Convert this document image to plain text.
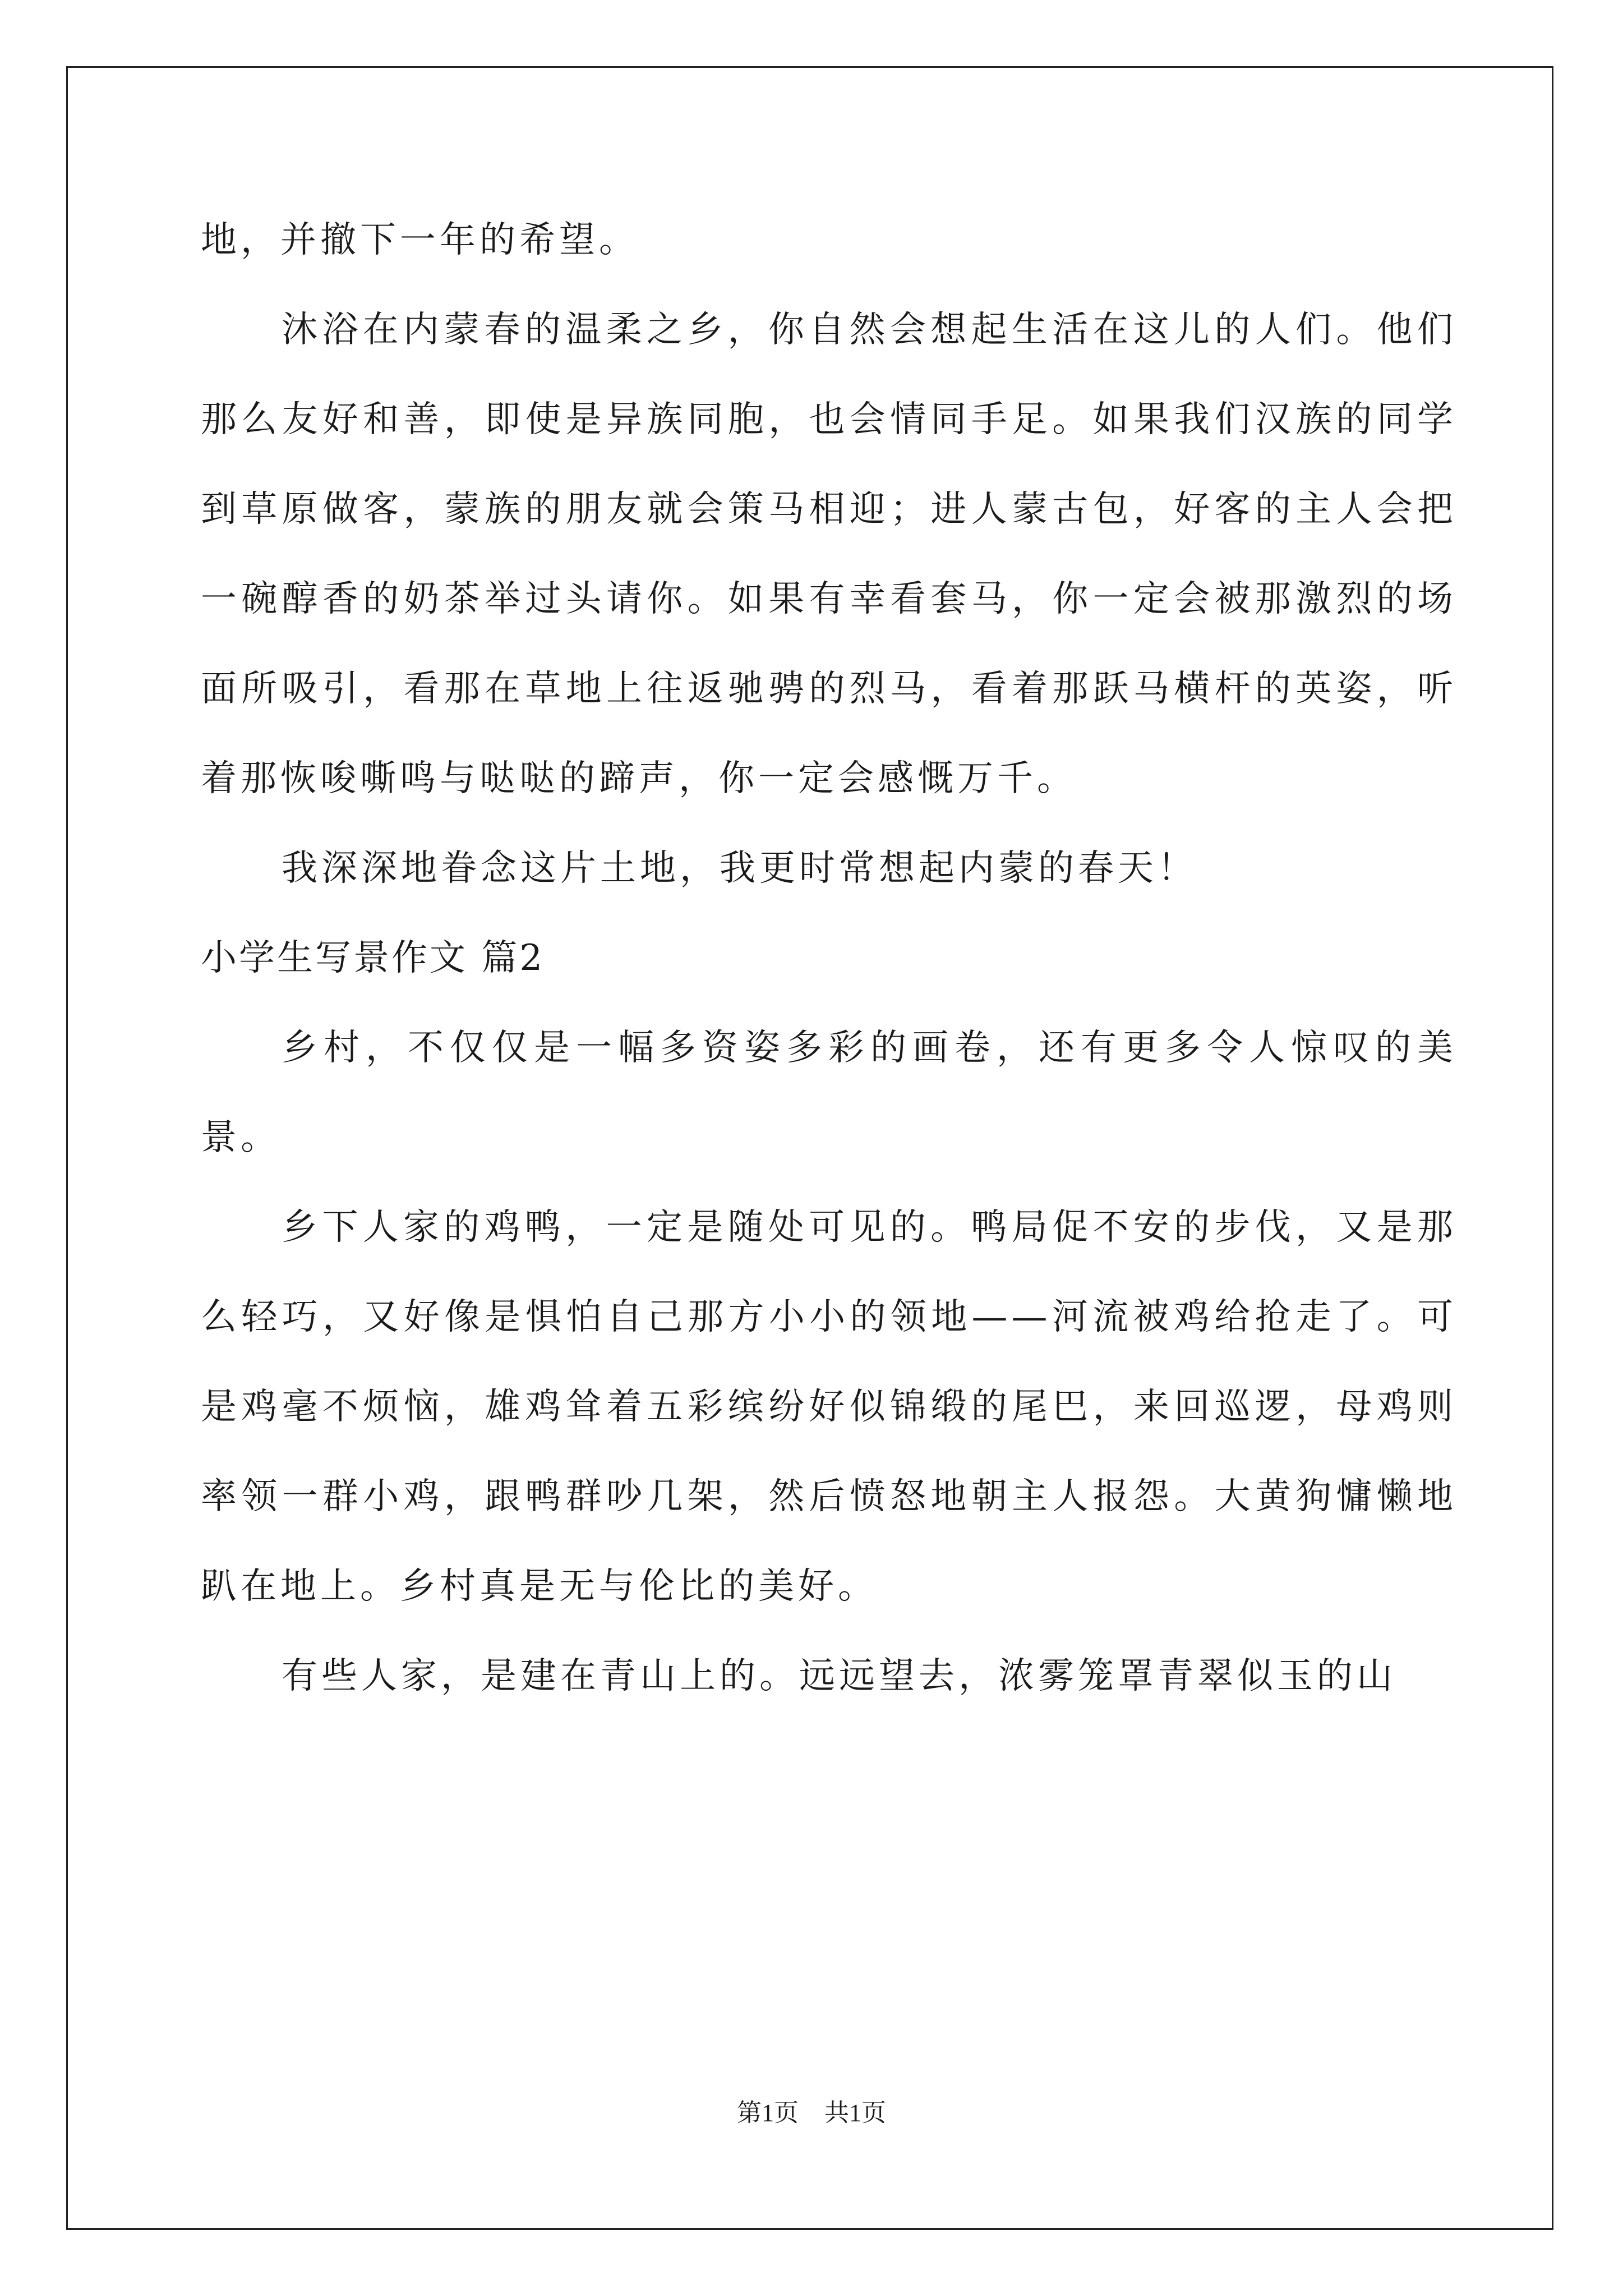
地，并撤下一年的希望。

沐浴在内蒙春的温柔之乡，你自然会想起生活在这儿的人们。他们那么友好和善，即使是异族同胞，也会情同手足。如果我们汉族的同学到草原做客，蒙族的朋友就会策马相迎；进人蒙古包，好客的主人会把一碗醇香的奶茶举过头请你。如果有幸看套马，你一定会被那激烈的场面所吸引，看那在草地上往返驰骋的烈马，看着那跃马横杆的英姿，听着那恢唆嘶鸣与哒哒的蹄声，你一定会感慨万千。

我深深地眷念这片土地，我更时常想起内蒙的春天！

小学生写景作文 篇2

乡村，不仅仅是一幅多资姿多彩的画卷，还有更多令人惊叹的美景。

乡下人家的鸡鸭，一定是随处可见的。鸭局促不安的步伐，又是那么轻巧，又好像是惧怕自己那方小小的领地——河流被鸡给抢走了。可是鸡毫不烦恼，雄鸡耸着五彩缤纷好似锦缎的尾巴，来回巡逻，母鸡则率领一群小鸡，跟鸭群吵几架，然后愤怒地朝主人报怨。大黄狗慵懒地趴在地上。乡村真是无与伦比的美好。

有些人家，是建在青山上的。远远望去，浓雾笼罩青翠似玉的山

第1页 共1页
